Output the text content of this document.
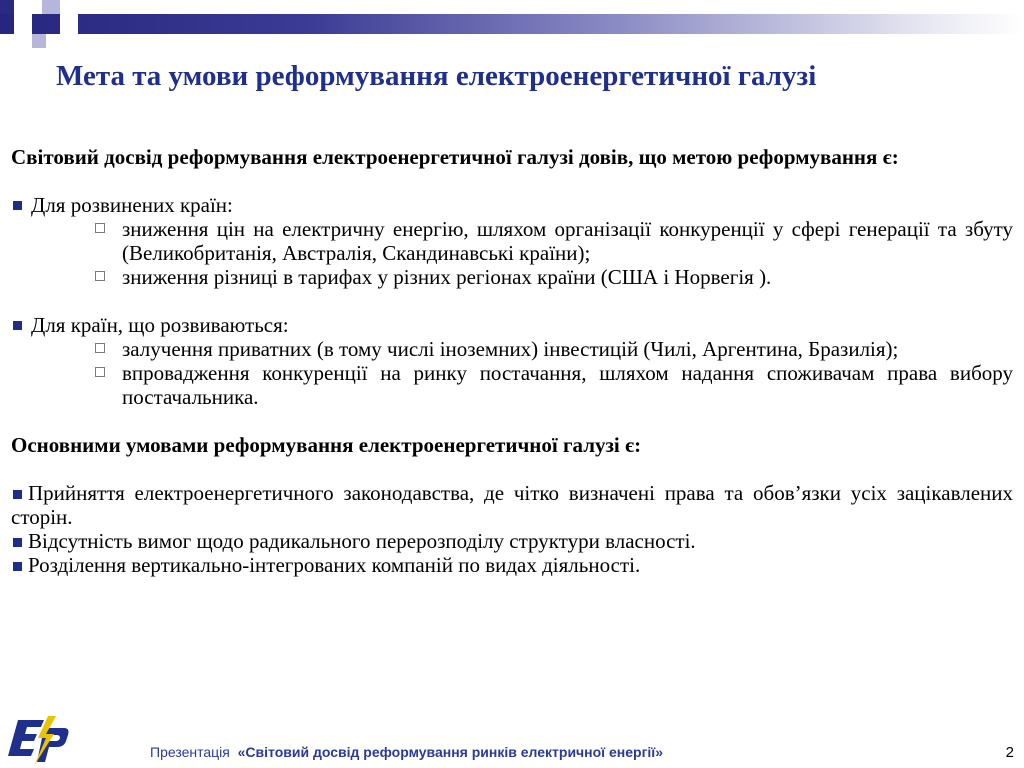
Мета та умови реформування електроенергетичної галузі
Світовий досвід реформування електроенергетичної галузі довів, що метою реформування є:
Для розвинених країн:
зниження цін на електричну енергію, шляхом організації конкуренції у сфері генерації та збуту (Великобританія, Австралія, Скандинавські країни);
зниження різниці в тарифах у різних регіонах країни (США і Норвегія ).
Для країн, що розвиваються:
залучення приватних (в тому числі іноземних) інвестицій (Чилі, Аргентина, Бразилія);
впровадження конкуренції на ринку постачання, шляхом надання споживачам права вибору постачальника.
Основними умовами реформування електроенергетичної галузі є:
Прийняття електроенергетичного законодавства, де чітко визначені права та обов’язки усіх зацікавлених сторін.
Відсутність вимог щодо радикального перерозподілу структури власності.
Розділення вертикально-інтегрованих компаній по видах діяльності.
Презентація «Світовий досвід реформування ринків електричної енергії»	2
